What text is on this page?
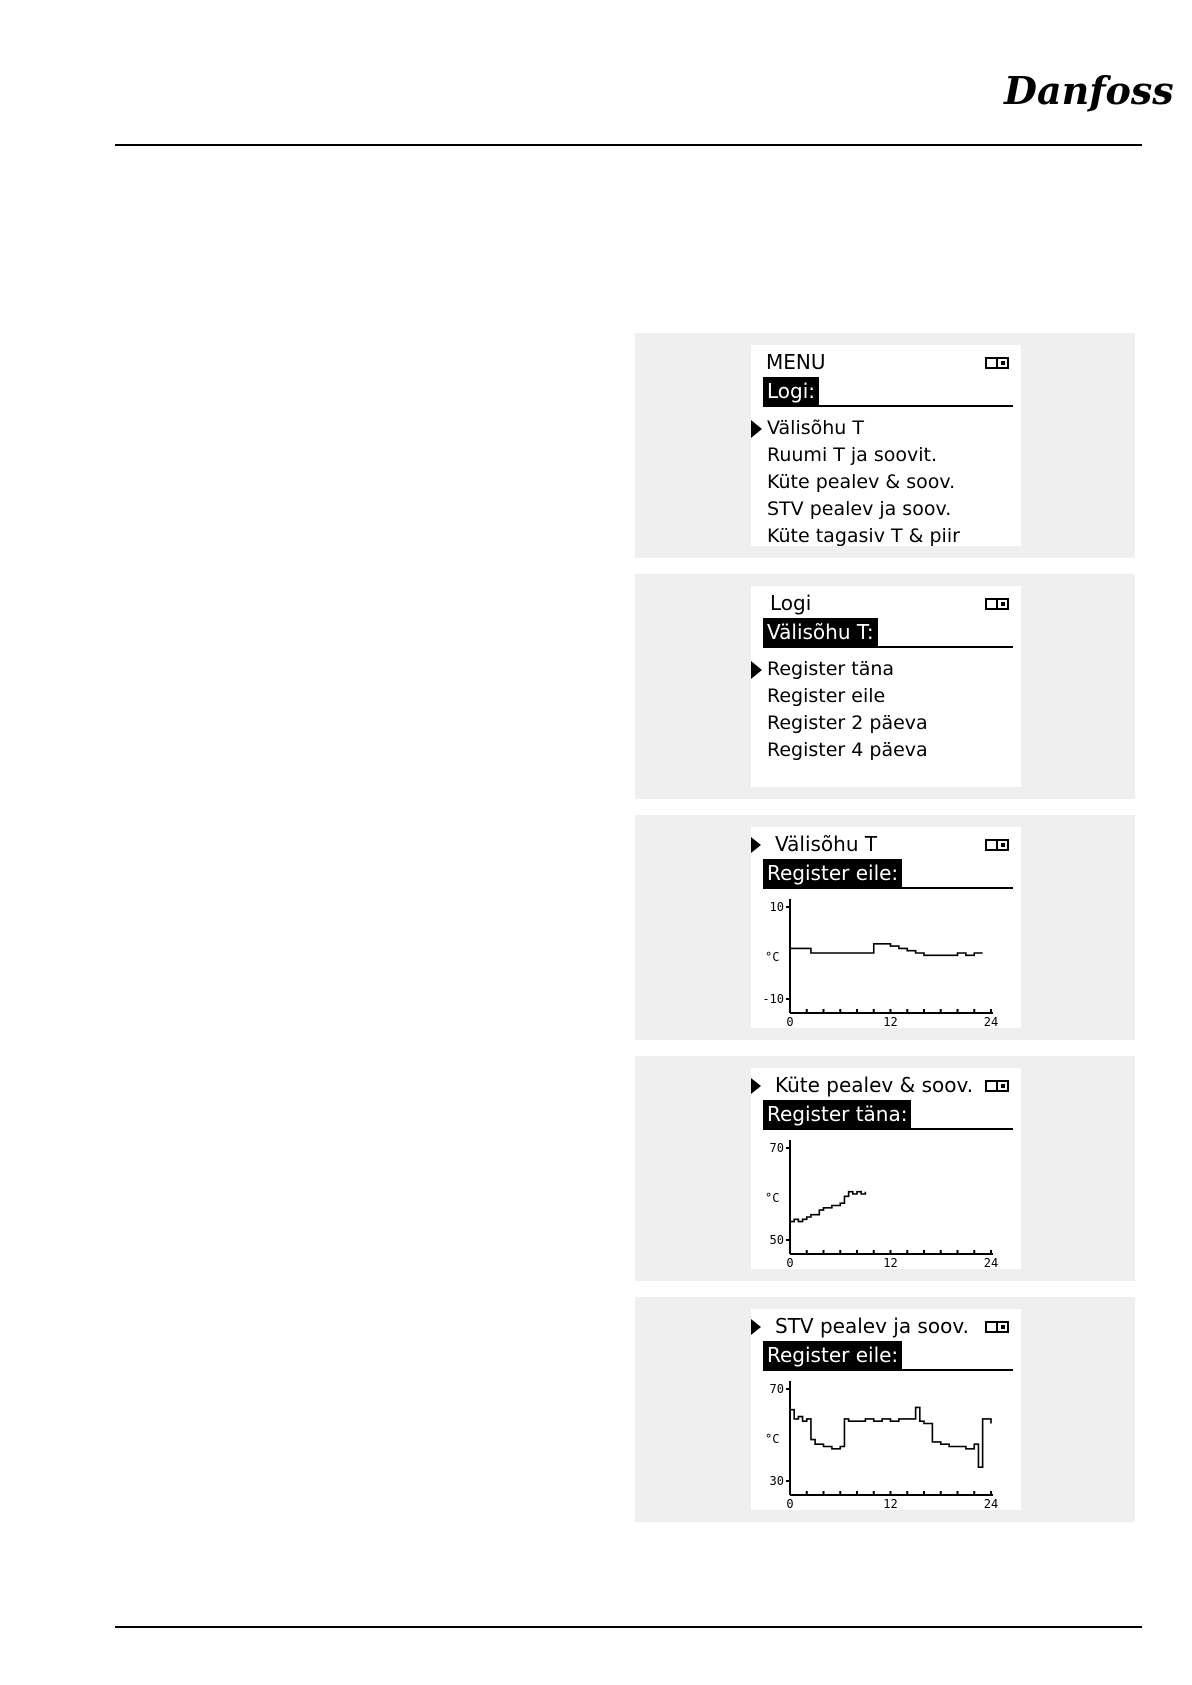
Danfoss
MENU
Logi:
Välisõhu T
Ruumi T ja soovit.
Küte pealev & soov.
STV pealev ja soov.
Küte tagasiv T & piir
Logi
Välisõhu T:
Register täna
Register eile
Register 2 päeva
Register 4 päeva
Välisõhu T
Register eile:
10
-10
°C
0	12	24
Küte pealev & soov.
Register täna:
70
50
°C
0	12	24
STV pealev ja soov.
Register eile:
70
30
°C
0	12	24
